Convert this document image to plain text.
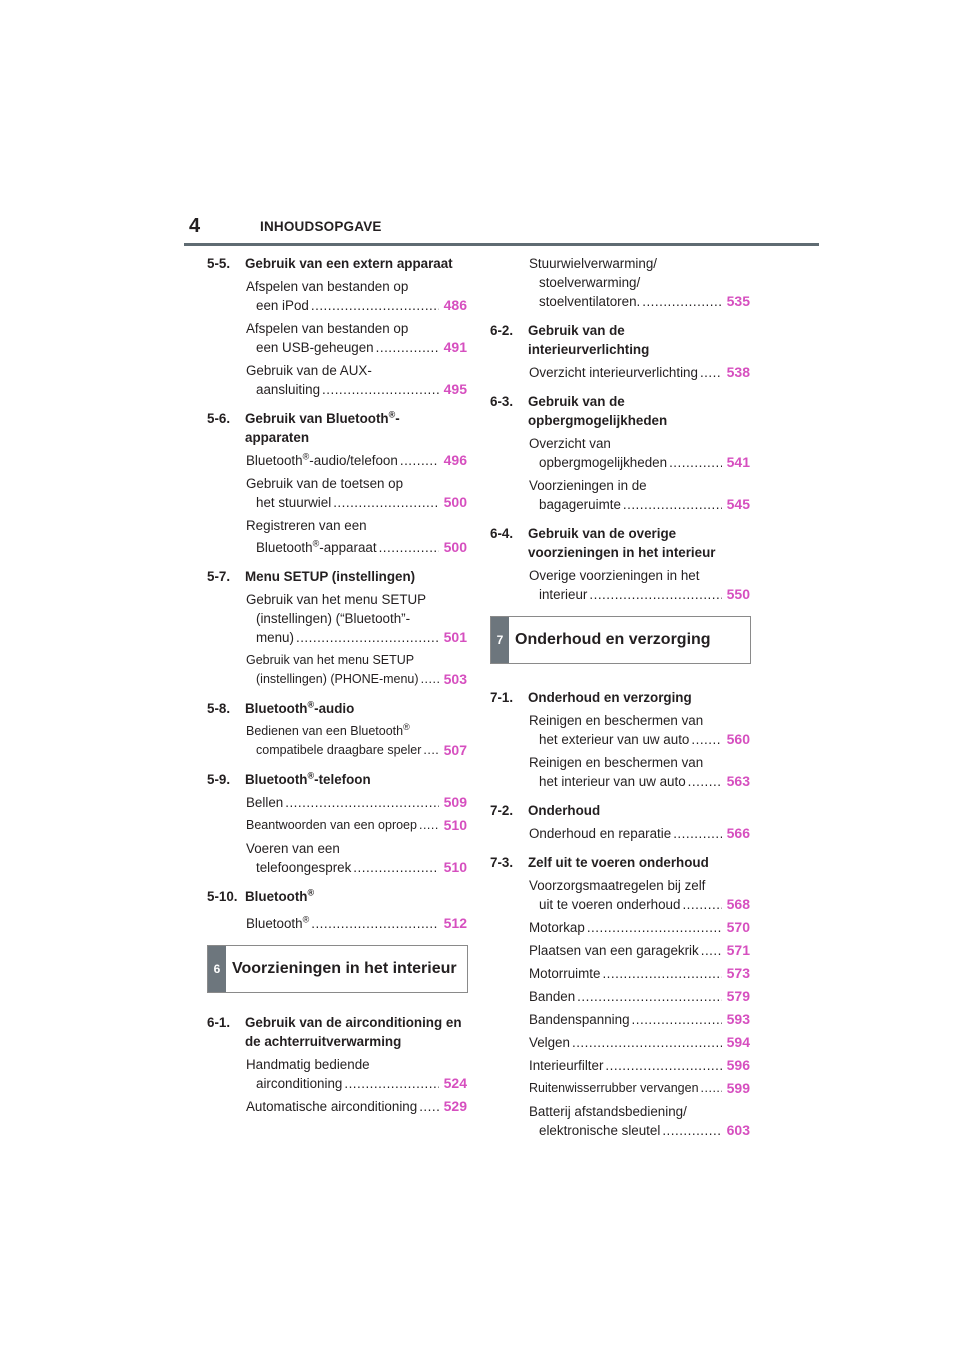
4	INHOUDSOPGAVE
5-5.	Gebruik van een extern apparaat
Afspelen van bestanden op
een iPod .....	486
Afspelen van bestanden op
een USB-geheugen .....	491
Gebruik van de AUX-
aansluiting .....	495
5-6.	Gebruik van Bluetooth®-
apparaten
Bluetooth®-audio/telefoon .....	496
Gebruik van de toetsen op
het stuurwiel .....	500
Registreren van een
Bluetooth®-apparaat .....	500
5-7.	Menu SETUP (instellingen)
Gebruik van het menu SETUP
(instellingen) (“Bluetooth”-
menu) .....	501
Gebruik van het menu SETUP
(instellingen) (PHONE-menu) ..... 503
5-8.	Bluetooth®-audio
Bedienen van een Bluetooth®
compatibele draagbare speler ..... 507
5-9.	Bluetooth®-telefoon
Bellen .....	509
Beantwoorden van een oproep ..... 510
Voeren van een
telefoongesprek .....	510
5-10. Bluetooth®
Bluetooth® .....	512
6 Voorzieningen in het interieur
6-1.	Gebruik van de airconditioning en
de achterruitverwarming
Handmatig bediende
airconditioning .....	524
Automatische airconditioning ..... 529
Stuurwielverwarming/
stoelverwarming/
stoelventilatoren. .....	535
6-2.	Gebruik van de
interieurverlichting
Overzicht interieurverlichting ..... 538
6-3.	Gebruik van de
opbergmogelijkheden
Overzicht van
opbergmogelijkheden .....	541
Voorzieningen in de
bagageruimte .....	545
6-4.	Gebruik van de overige
voorzieningen in het interieur
Overige voorzieningen in het
interieur .....	550
7 Onderhoud en verzorging
7-1.	Onderhoud en verzorging
Reinigen en beschermen van
het exterieur van uw auto .....	560
Reinigen en beschermen van
het interieur van uw auto .....	563
7-2.	Onderhoud
Onderhoud en reparatie .....	566
7-3.	Zelf uit te voeren onderhoud
Voorzorgsmaatregelen bij zelf
uit te voeren onderhoud .....	568
Motorkap .....	570
Plaatsen van een garagekrik ..... 571
Motorruimte .....	573
Banden .....	579
Bandenspanning .....	593
Velgen .....	594
Interieurfilter .....	596
Ruitenwisserrubber vervangen ..... 599
Batterij afstandsbediening/
elektronische sleutel .....	603
